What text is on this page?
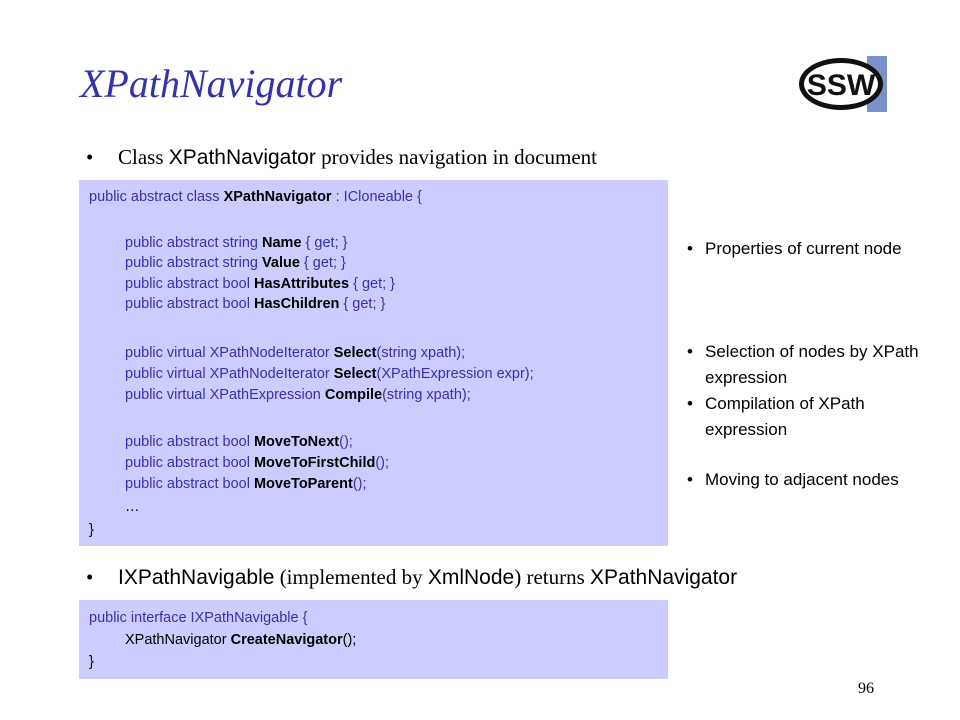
XPathNavigator	SSW
• Class XPathNavigator provides navigation in document
public abstract class XPathNavigator : ICloneable {
public abstract string Name { get; }
public abstract string Value { get; }
public abstract bool HasAttributes { get; }
public abstract bool HasChildren { get; }
public virtual XPathNodeIterator Select(string xpath);
public virtual XPathNodeIterator Select(XPathExpression expr);
public virtual XPathExpression Compile(string xpath);
public abstract bool MoveToNext();
public abstract bool MoveToFirstChild();
public abstract bool MoveToParent();
…
}
• Properties of current node
• Selection of nodes by XPath expression
• Compilation of XPath expression
• Moving to adjacent nodes
• IXPathNavigable (implemented by XmlNode) returns XPathNavigator
public interface IXPathNavigable {
XPathNavigator CreateNavigator();
}
96
